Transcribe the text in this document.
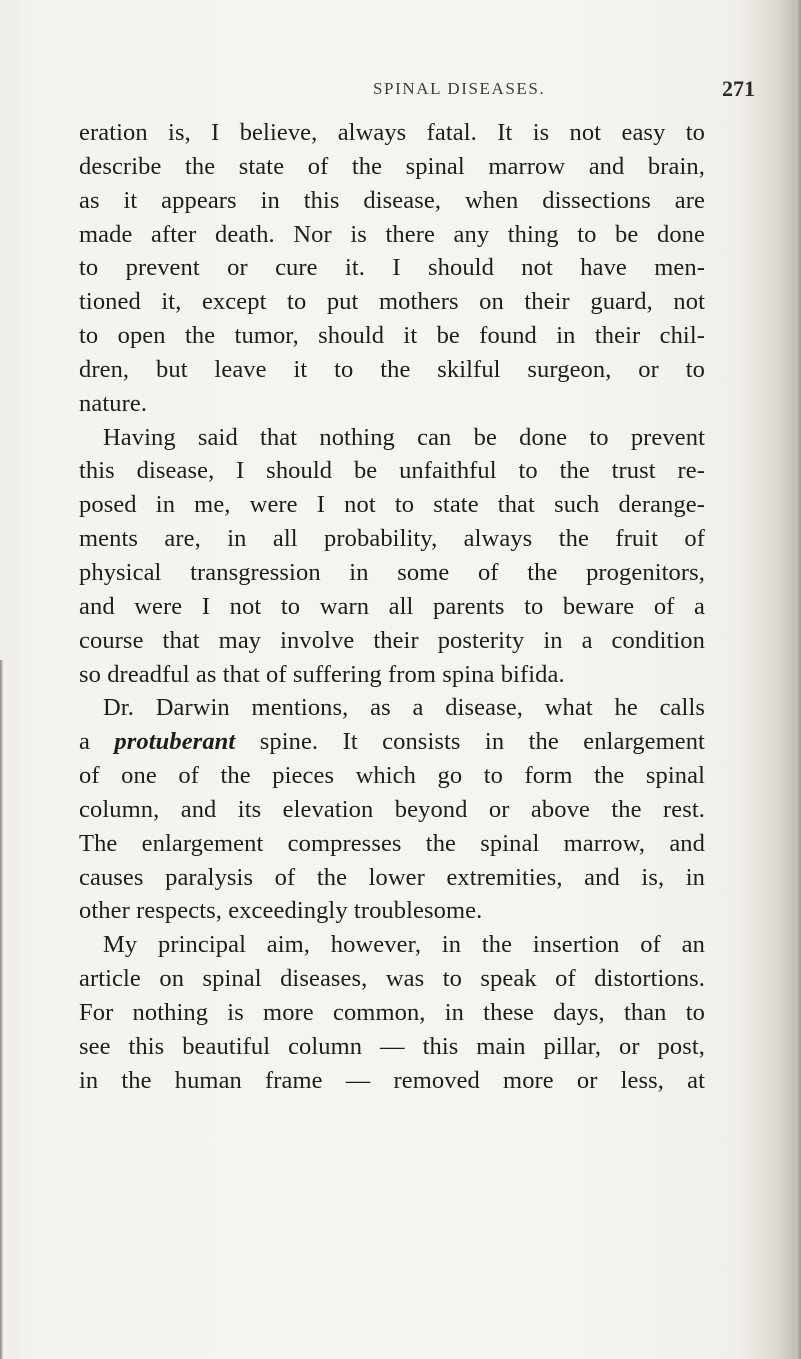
SPINAL DISEASES.	271
eration is, I believe, always fatal. It is not easy to
describe the state of the spinal marrow and brain,
as it appears in this disease, when dissections are
made after death. Nor is there any thing to be done
to prevent or cure it. I should not have men-
tioned it, except to put mothers on their guard, not
to open the tumor, should it be found in their chil-
dren, but leave it to the skilful surgeon, or to
nature.
Having said that nothing can be done to prevent
this disease, I should be unfaithful to the trust re-
posed in me, were I not to state that such derange-
ments are, in all probability, always the fruit of
physical transgression in some of the progenitors,
and were I not to warn all parents to beware of a
course that may involve their posterity in a condition
so dreadful as that of suffering from spina bifida.
Dr. Darwin mentions, as a disease, what he calls
a protuberant spine. It consists in the enlargement
of one of the pieces which go to form the spinal
column, and its elevation beyond or above the rest.
The enlargement compresses the spinal marrow, and
causes paralysis of the lower extremities, and is, in
other respects, exceedingly troublesome.
My principal aim, however, in the insertion of an
article on spinal diseases, was to speak of distortions.
For nothing is more common, in these days, than to
see this beautiful column — this main pillar, or post,
in the human frame — removed more or less, at
